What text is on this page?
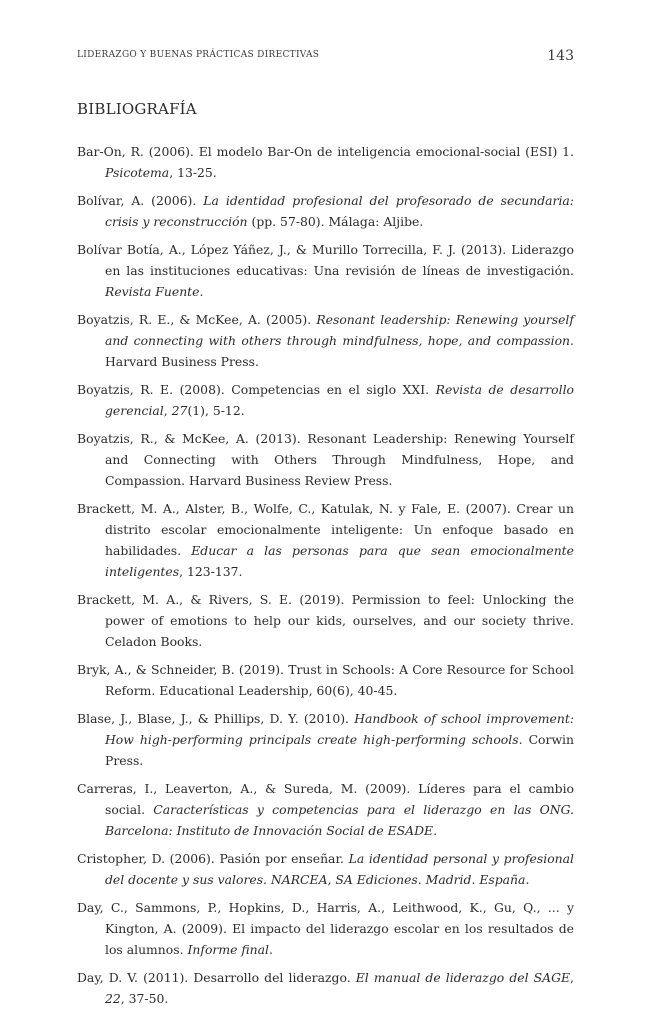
LIDERAZGO Y BUENAS PRÁCTICAS DIRECTIVAS	143
BIBLIOGRAFÍA

Bar-On, R. (2006). El modelo Bar-On de inteligencia emocional-social (ESI) 1. Psicotema, 13-25.

Bolívar, A. (2006). La identidad profesional del profesorado de secundaria: crisis y reconstrucción (pp. 57-80). Málaga: Aljibe.

Bolívar Botía, A., López Yáñez, J., & Murillo Torrecilla, F. J. (2013). Liderazgo en las instituciones educativas: Una revisión de líneas de investigación. Revista Fuente.

Boyatzis, R. E., & McKee, A. (2005). Resonant leadership: Renewing yourself and connecting with others through mindfulness, hope, and compassion. Harvard Business Press.

Boyatzis, R. E. (2008). Competencias en el siglo XXI. Revista de desarrollo gerencial, 27(1), 5-12.

Boyatzis, R., & McKee, A. (2013). Resonant Leadership: Renewing Yourself and Connecting with Others Through Mindfulness, Hope, and Compassion. Harvard Business Review Press.

Brackett, M. A., Alster, B., Wolfe, C., Katulak, N. y Fale, E. (2007). Crear un distrito escolar emocionalmente inteligente: Un enfoque basado en habilidades. Educar a las personas para que sean emocionalmente inteligentes, 123-137.

Brackett, M. A., & Rivers, S. E. (2019). Permission to feel: Unlocking the power of emotions to help our kids, ourselves, and our society thrive. Celadon Books.

Bryk, A., & Schneider, B. (2019). Trust in Schools: A Core Resource for School Reform. Educational Leadership, 60(6), 40-45.

Blase, J., Blase, J., & Phillips, D. Y. (2010). Handbook of school improvement: How high-performing principals create high-performing schools. Corwin Press.

Carreras, I., Leaverton, A., & Sureda, M. (2009). Líderes para el cambio social. Características y competencias para el liderazgo en las ONG. Barcelona: Instituto de Innovación Social de ESADE.

Cristopher, D. (2006). Pasión por enseñar. La identidad personal y profesional del docente y sus valores. NARCEA, SA Ediciones. Madrid. España.

Day, C., Sammons, P., Hopkins, D., Harris, A., Leithwood, K., Gu, Q., ... y Kington, A. (2009). El impacto del liderazgo escolar en los resultados de los alumnos. Informe final.

Day, D. V. (2011). Desarrollo del liderazgo. El manual de liderazgo del SAGE, 22, 37-50.
